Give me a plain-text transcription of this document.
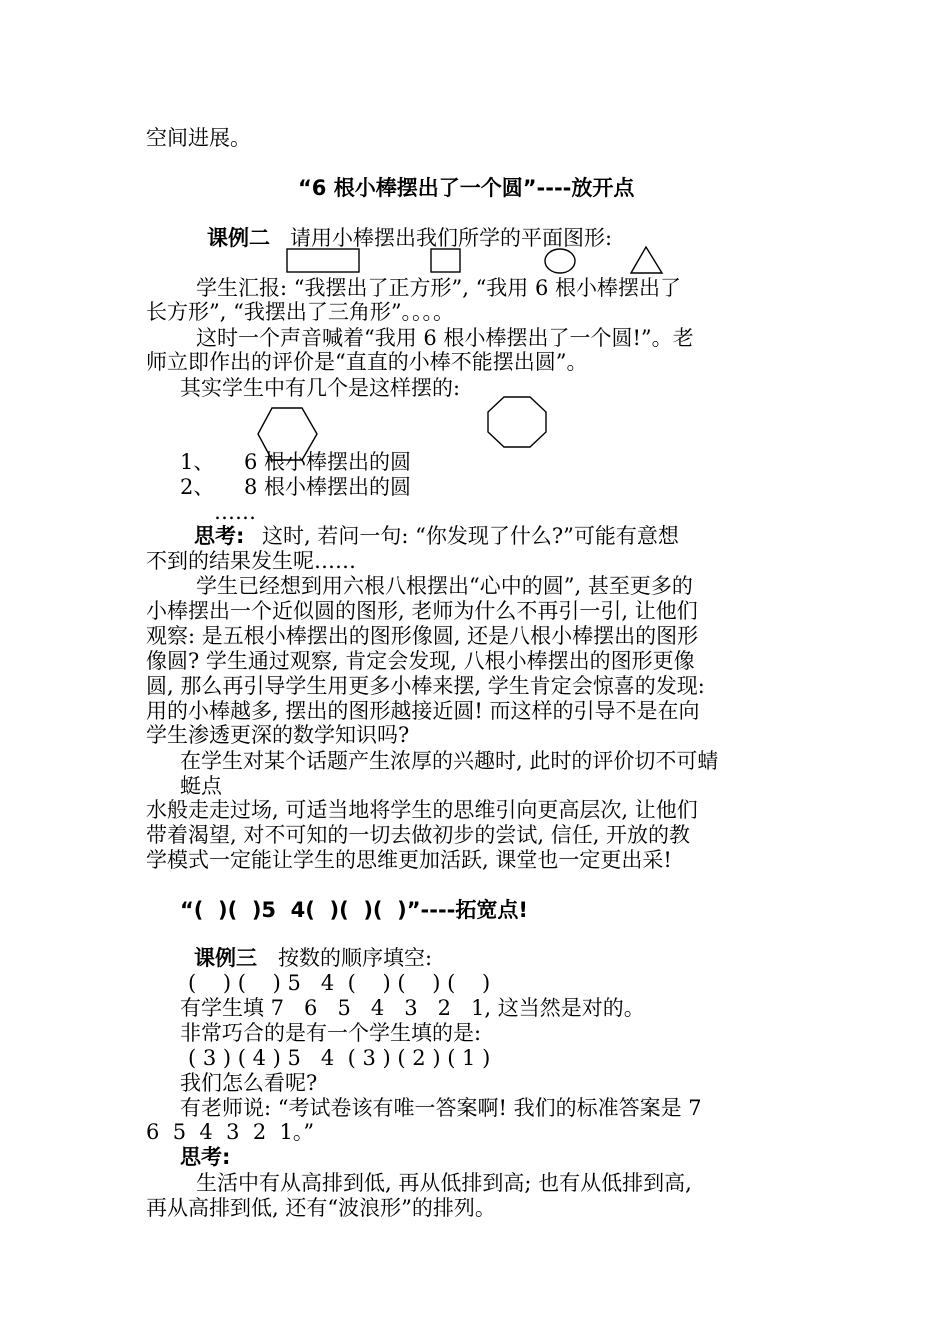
空间进展。
“6 根小棒摆出了一个圆”----放开点
课例二 请用小棒摆出我们所学的平面图形:
学生汇报: “我摆出了正方形”, “我用 6 根小棒摆出了
长方形”, “我摆出了三角形”。。。。
这时一个声音喊着“我用 6 根小棒摆出了一个圆!”。老
师立即作出的评价是“直直的小棒不能摆出圆”。
其实学生中有几个是这样摆的:
1、 6 根小棒摆出的圆
2、 8 根小棒摆出的圆
……
思考: 这时, 若问一句: “你发现了什么?”可能有意想
不到的结果发生呢……
学生已经想到用六根八根摆出“心中的圆”, 甚至更多的
小棒摆出一个近似圆的图形, 老师为什么不再引一引, 让他们
观察: 是五根小棒摆出的图形像圆, 还是八根小棒摆出的图形
像圆? 学生通过观察, 肯定会发现, 八根小棒摆出的图形更像
圆, 那么再引导学生用更多小棒来摆, 学生肯定会惊喜的发现:
用的小棒越多, 摆出的图形越接近圆! 而这样的引导不是在向
学生渗透更深的数学知识吗?
在学生对某个话题产生浓厚的兴趣时, 此时的评价切不可蜻
蜓点
水般走走过场, 可适当地将学生的思维引向更高层次, 让他们
带着渴望, 对不可知的一切去做初步的尝试, 信任, 开放的教
学模式一定能让学生的思维更加活跃, 课堂也一定更出采!
“(  )(  )5  4(  )(  )(  )”----拓宽点!
课例三 按数的顺序填空:
(    ) (    ) 5   4  (    ) (    ) (    )
有学生填 7   6   5   4   3   2   1, 这当然是对的。
非常巧合的是有一个学生填的是:
( 3 ) ( 4 ) 5   4  ( 3 ) ( 2 ) ( 1 )
我们怎么看呢?
有老师说: “考试卷该有唯一答案啊! 我们的标准答案是 7
6  5  4  3  2  1。”
思考:
生活中有从高排到低, 再从低排到高; 也有从低排到高,
再从高排到低, 还有“波浪形”的排列。
